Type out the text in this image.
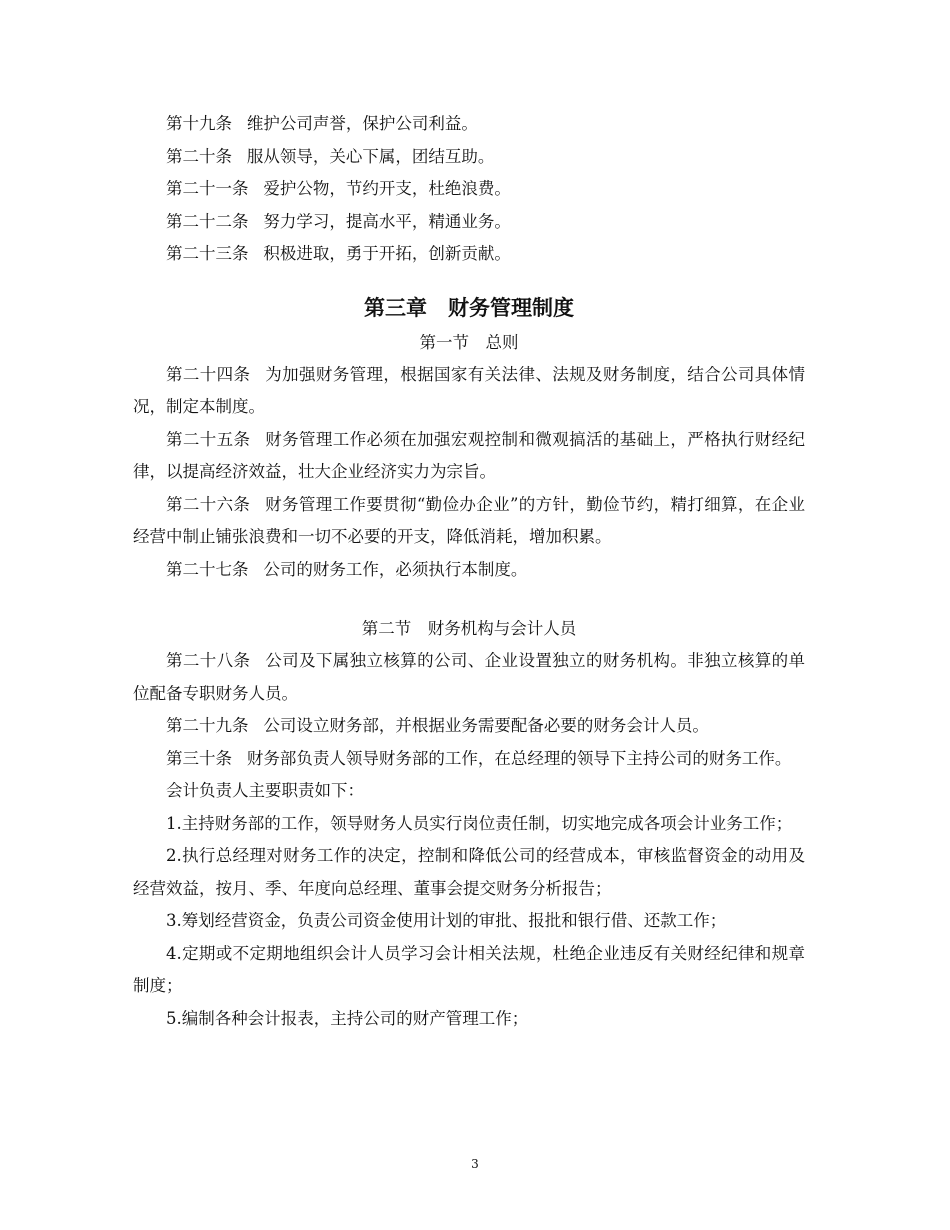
第十九条 维护公司声誉，保护公司利益。

第二十条 服从领导，关心下属，团结互助。

第二十一条 爱护公物，节约开支，杜绝浪费。

第二十二条 努力学习，提高水平，精通业务。

第二十三条 积极进取，勇于开拓，创新贡献。

第三章　财务管理制度
第一节　总则

第二十四条 为加强财务管理，根据国家有关法律、法规及财务制度，结合公司具体情况，制定本制度。

第二十五条 财务管理工作必须在加强宏观控制和微观搞活的基础上，严格执行财经纪律，以提高经济效益，壮大企业经济实力为宗旨。

第二十六条 财务管理工作要贯彻“勤俭办企业”的方针，勤俭节约，精打细算，在企业经营中制止铺张浪费和一切不必要的开支，降低消耗，增加积累。

第二十七条 公司的财务工作，必须执行本制度。

第二节　财务机构与会计人员

第二十八条 公司及下属独立核算的公司、企业设置独立的财务机构。非独立核算的单位配备专职财务人员。

第二十九条 公司设立财务部，并根据业务需要配备必要的财务会计人员。

第三十条 财务部负责人领导财务部的工作，在总经理的领导下主持公司的财务工作。

会计负责人主要职责如下：

1.主持财务部的工作，领导财务人员实行岗位责任制，切实地完成各项会计业务工作；

2.执行总经理对财务工作的决定，控制和降低公司的经营成本，审核监督资金的动用及经营效益，按月、季、年度向总经理、董事会提交财务分析报告；

3.筹划经营资金，负责公司资金使用计划的审批、报批和银行借、还款工作；

4.定期或不定期地组织会计人员学习会计相关法规，杜绝企业违反有关财经纪律和规章制度；

5.编制各种会计报表，主持公司的财产管理工作；

3
